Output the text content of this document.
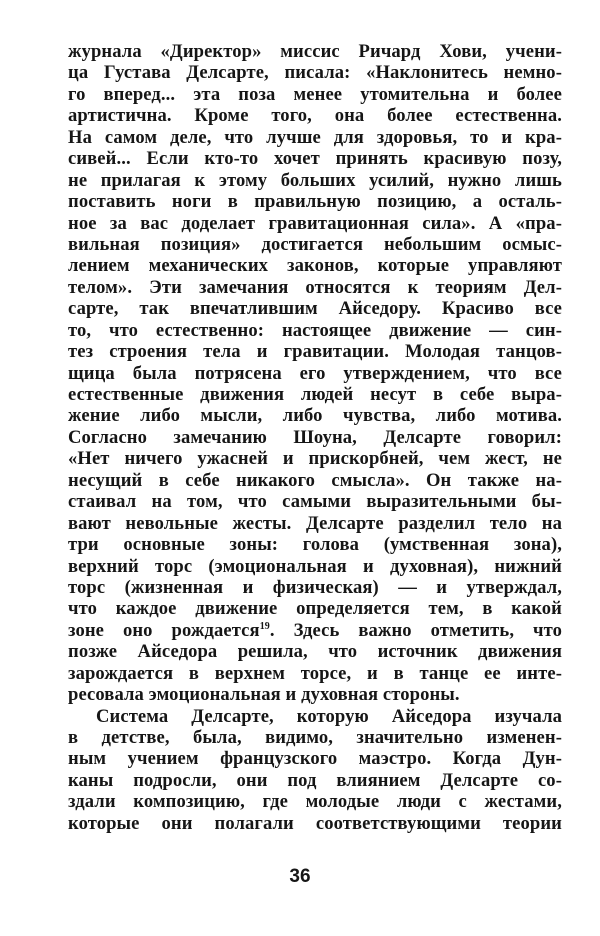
журнала «Директор» миссис Ричард Хови, учени-
ца Густава Делсарте, писала: «Наклонитесь немно-
го вперед... эта поза менее утомительна и более
артистична. Кроме того, она более естественна.
На самом деле, что лучше для здоровья, то и кра-
сивей... Если кто-то хочет принять красивую позу,
не прилагая к этому больших усилий, нужно лишь
поставить ноги в правильную позицию, а осталь-
ное за вас доделает гравитационная сила». А «пра-
вильная позиция» достигается небольшим осмыс-
лением механических законов, которые управляют
телом». Эти замечания относятся к теориям Дел-
сарте, так впечатлившим Айседору. Красиво все
то, что естественно: настоящее движение — син-
тез строения тела и гравитации. Молодая танцов-
щица была потрясена его утверждением, что все
естественные движения людей несут в себе выра-
жение либо мысли, либо чувства, либо мотива.
Согласно замечанию Шоуна, Делсарте говорил:
«Нет ничего ужасней и прискорбней, чем жест, не
несущий в себе никакого смысла». Он также на-
стаивал на том, что самыми выразительными бы-
вают невольные жесты. Делсарте разделил тело на
три основные зоны: голова (умственная зона),
верхний торс (эмоциональная и духовная), нижний
торс (жизненная и физическая) — и утверждал,
что каждое движение определяется тем, в какой
зоне оно рождается$^{19}$. Здесь важно отметить, что
позже Айседора решила, что источник движения
зарождается в верхнем торсе, и в танце ее инте-
ресовала эмоциональная и духовная стороны.
Система Делсарте, которую Айседора изучала
в детстве, была, видимо, значительно изменен-
ным учением французского маэстро. Когда Дун-
каны подросли, они под влиянием Делсарте со-
здали композицию, где молодые люди с жестами,
которые они полагали соответствующими теории
36
